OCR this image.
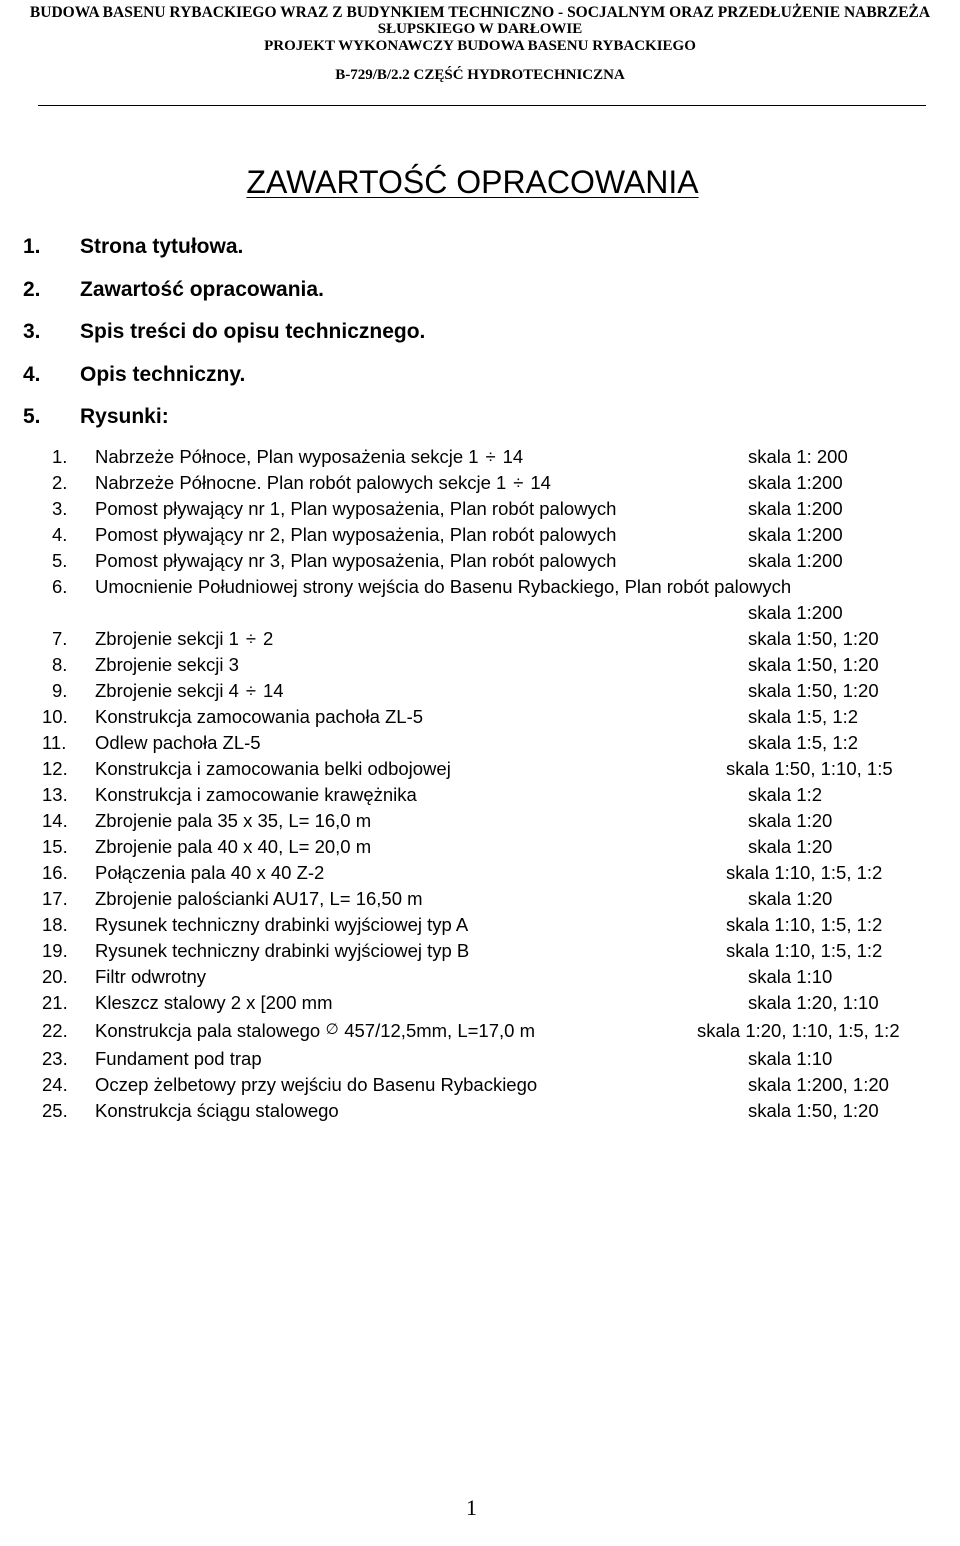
BUDOWA BASENU RYBACKIEGO WRAZ Z BUDYNKIEM TECHNICZNO - SOCJALNYM ORAZ PRZEDŁUŻENIE NABRZEŻA
SŁUPSKIEGO W DARŁOWIE
PROJEKT WYKONAWCZY BUDOWA BASENU RYBACKIEGO
B-729/B/2.2 CZĘŚĆ HYDROTECHNICZNA
ZAWARTOŚĆ OPRACOWANIA
1. Strona tytułowa.
2. Zawartość opracowania.
3. Spis treści do opisu technicznego.
4. Opis techniczny.
5. Rysunki:
1. Nabrzeże Północe, Plan wyposażenia sekcje 1 ÷ 14	skala 1: 200
2. Nabrzeże Północne. Plan robót palowych sekcje 1 ÷ 14	skala 1:200
3. Pomost pływający nr 1, Plan wyposażenia, Plan robót palowych	skala 1:200
4. Pomost pływający nr 2, Plan wyposażenia, Plan robót palowych	skala 1:200
5. Pomost pływający nr 3, Plan wyposażenia, Plan robót palowych	skala 1:200
6. Umocnienie Południowej strony wejścia do Basenu Rybackiego, Plan robót palowych
skala 1:200
7. Zbrojenie sekcji 1 ÷ 2	skala 1:50, 1:20
8. Zbrojenie sekcji 3	skala 1:50, 1:20
9. Zbrojenie sekcji 4 ÷ 14	skala 1:50, 1:20
10. Konstrukcja zamocowania pachoła ZL-5	skala 1:5, 1:2
11. Odlew pachoła ZL-5	skala 1:5, 1:2
12. Konstrukcja i zamocowania belki odbojowej	skala 1:50, 1:10, 1:5
13. Konstrukcja i zamocowanie krawężnika	skala 1:2
14. Zbrojenie pala 35 x 35, L= 16,0 m	skala 1:20
15. Zbrojenie pala 40 x 40, L= 20,0 m	skala 1:20
16. Połączenia pala 40 x 40 Z-2	skala 1:10, 1:5, 1:2
17. Zbrojenie palościanki AU17, L= 16,50 m	skala 1:20
18. Rysunek techniczny drabinki wyjściowej typ A	skala 1:10, 1:5, 1:2
19. Rysunek techniczny drabinki wyjściowej typ B	skala 1:10, 1:5, 1:2
20. Filtr odwrotny	skala 1:10
21. Kleszcz stalowy 2 x [200 mm	skala 1:20, 1:10
22. Konstrukcja pala stalowego ∅ 457/12,5mm, L=17,0 m	skala 1:20, 1:10, 1:5, 1:2
23. Fundament pod trap	skala 1:10
24. Oczep żelbetowy przy wejściu do Basenu Rybackiego	skala 1:200, 1:20
25. Konstrukcja ściągu stalowego	skala 1:50, 1:20
1
